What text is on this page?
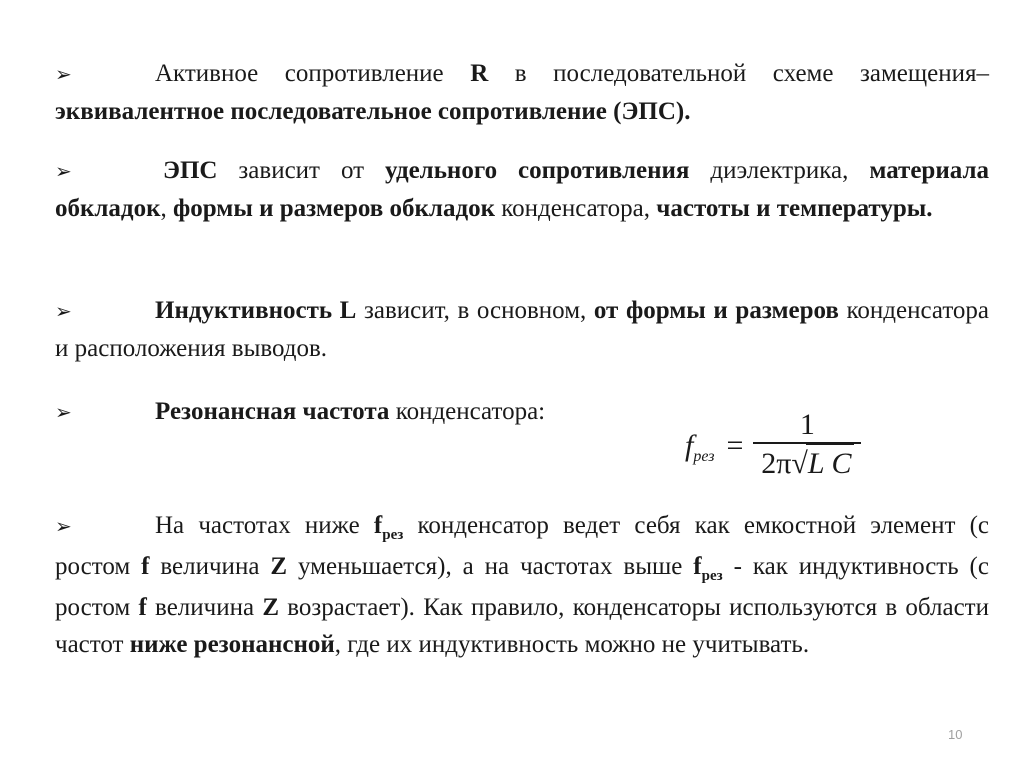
➢	Активное сопротивление R в последовательной схеме замещения– эквивалентное последовательное сопротивление (ЭПС).

➢	ЭПС зависит от удельного сопротивления диэлектрика, материала обкладок, формы и размеров обкладок конденсатора, частоты и температуры.

➢	Индуктивность L зависит, в основном, от формы и размеров конденсатора и расположения выводов.

➢	Резонансная частота конденсатора:

$f_{рез} = \frac{1}{\text{2π √ L C}}$

➢	На частотах ниже $f_{рез}$ конденсатор ведет себя как емкостной элемент (с ростом f величина Z уменьшается), а на частотах выше $f_{рез}$ - как индуктивность (с ростом f величина Z возрастает). Как правило, конденсаторы используются в области частот ниже резонансной, где их индуктивность можно не учитывать.

10
